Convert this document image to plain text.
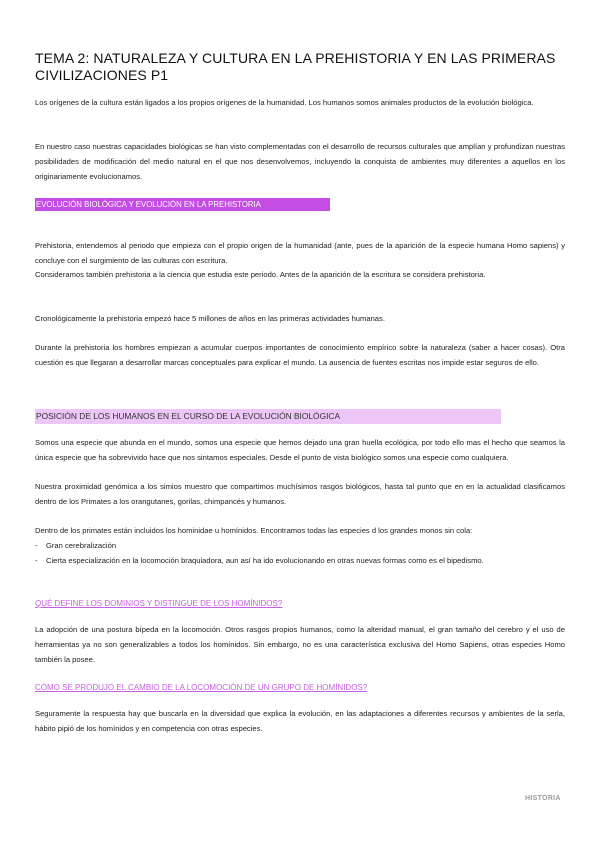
TEMA 2: NATURALEZA Y CULTURA EN LA PREHISTORIA Y EN LAS PRIMERAS CIVILIZACIONES P1
Los orígenes de la cultura están ligados a los propios orígenes de la humanidad. Los humanos somos animales productos de la evolución biológica.
En nuestro caso nuestras capacidades biológicas se han visto complementadas con el desarrollo de recursos culturales que amplían y profundizan nuestras posibilidades de modificación del medio natural en el que nos desenvolvemos, incluyendo la conquista de ambientes muy diferentes a aquellos en los originariamente evolucionamos.
EVOLUCIÓN BIOLÓGICA Y EVOLUCIÓN EN LA PREHISTORIA
Prehistoria, entendemos al periodo que empieza con el propio origen de la humanidad (ante, pues de la aparición de la especie humana Homo sapiens) y concluye con el surgimiento de las culturas con escritura.
Consideramos también prehistoria a la ciencia que estudia este periodo. Antes de la aparición de la escritura se considera prehistoria.
Cronológicamente la prehistoria empezó hace 5 millones de años en las primeras actividades humanas.
Durante la prehistoria los hombres empiezan a acumular cuerpos importantes de conocimiento empírico sobre la naturaleza (saber a hacer cosas). Otra cuestión es que llegaran a desarrollar marcas conceptuales para explicar el mundo. La ausencia de fuentes escritas nos impide estar seguros de ello.
POSICIÓN DE LOS HUMANOS EN EL CURSO DE LA EVOLUCIÓN BIOLÓGICA
Somos una especie que abunda en el mundo, somos una especie que hemos dejado una gran huella ecológica, por todo ello mas el hecho que seamos la única especie que ha sobrevivido hace que nos sintamos especiales. Desde el punto de vista biológico somos una especie como cualquiera.
Nuestra proximidad genómica a los simios muestro que compartimos muchísimos rasgos biológicos, hasta tal punto que en en la actualidad clasificamos dentro de los Primates a los orangutanes, gorilas, chimpancés y humanos.
Dentro de los primates están incluidos los hominidae u homínidos. Encontramos todas las especies d los grandes monos sin cola:
- Gran cerebralización
- Cierta especialización en la locomoción braquiadora, aun así ha ido evolucionando en otras nuevas formas como es el bipedismo.
QUÉ DEFINE LOS DOMINIOS Y DISTINGUE DE LOS HOMÍNIDOS?
La adopción de una postura bípeda en la locomoción. Otros rasgos propios humanos, como la alteridad manual, el gran tamaño del cerebro y el uso de herramientas ya no son generalizables a todos los homínidos. Sin embargo, no es una característica exclusiva del Homo Sapiens, otras especies Homo también la posee.
CÓMO SE PRODUJO EL CAMBIO DE LA LOCOMOCIÓN DE UN GRUPO DE HOMÍNIDOS?
Seguramente la respuesta hay que buscarla en la diversidad que explica la evolución, en las adaptaciones a diferentes recursos y ambientes de la serla, hábito pipió de los homínidos y en competencia con otras especies.
HISTORIA
